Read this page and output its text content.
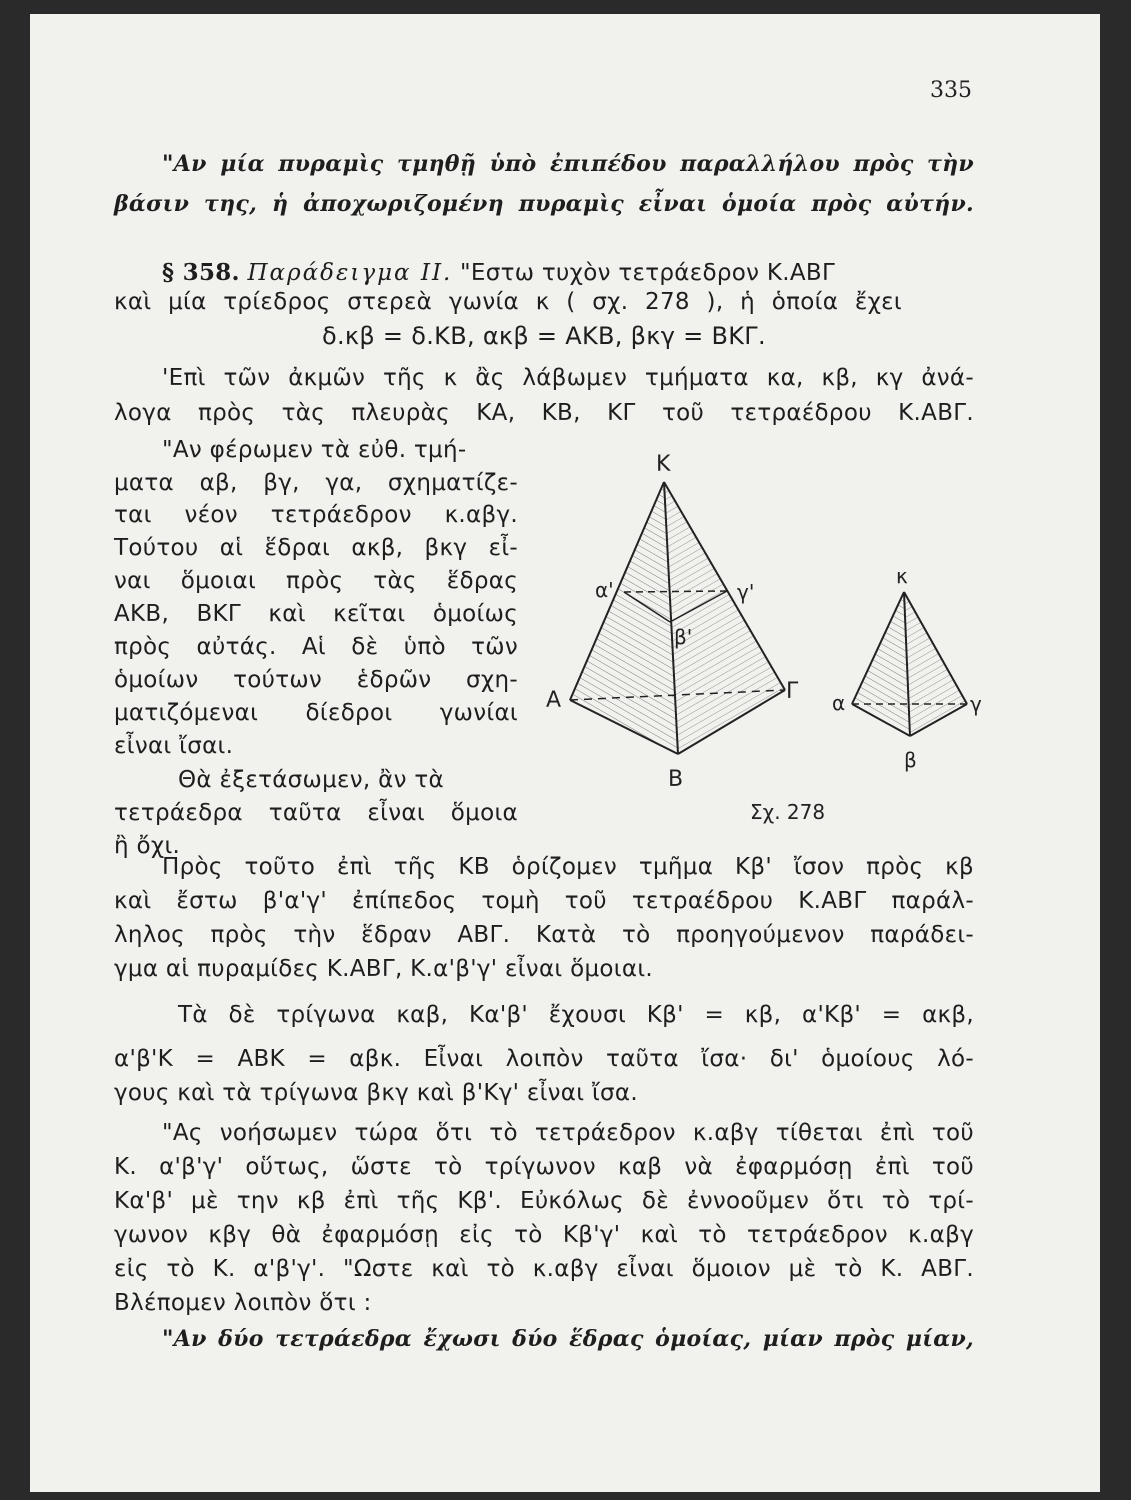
335
"Αν μία πυραμὶς τμηθῇ ὑπὸ ἐπιπέδου παραλλήλου πρὸς τὴν
βάσιν της, ἡ ἀποχωριζομένη πυραμὶς εἶναι ὁμοία πρὸς αὐτήν.
§ 358. Παράδειγμα ΙΙ. "Εστω τυχὸν τετράεδρον Κ.ΑΒΓ
καὶ μία τρίεδρος στερεὰ γωνία κ ( σχ. 278 ), ἡ ὁποία ἔχει
δ.κβ = δ.ΚΒ, ακβ = ΑΚΒ, βκγ = ΒΚΓ.
'Επὶ τῶν ἀκμῶν τῆς κ ἂς λάβωμεν τμήματα κα, κβ, κγ ἀνά-
λογα πρὸς τὰς πλευρὰς ΚΑ, ΚΒ, ΚΓ τοῦ τετραέδρου Κ.ΑΒΓ.
"Αν φέρωμεν τὰ εὐθ. τμή-
ματα αβ, βγ, γα, σχηματίζε-
ται νέον τετράεδρον κ.αβγ.
Τούτου αἱ ἕδραι ακβ, βκγ εἶ-
ναι ὅμοιαι πρὸς τὰς ἕδρας
ΑΚΒ, ΒΚΓ καὶ κεῖται ὁμοίως
πρὸς αὐτάς. Αἱ δὲ ὑπὸ τῶν
ὁμοίων τούτων ἑδρῶν σχη-
ματιζόμεναι δίεδροι γωνίαι
εἶναι ἴσαι.
Θὰ ἐξετάσωμεν, ἂν τὰ
τετράεδρα ταῦτα εἶναι ὅμοια
ἢ ὄχι.
Κ
Α
Β
Γ
α'
β'
γ'
κ
α
β
γ
Σχ. 278
Πρὸς τοῦτο ἐπὶ τῆς ΚΒ ὁρίζομεν τμῆμα Κβ' ἴσον πρὸς κβ
καὶ ἔστω β'α'γ' ἐπίπεδος τομὴ τοῦ τετραέδρου Κ.ΑΒΓ παράλ-
ληλος πρὸς τὴν ἕδραν ΑΒΓ. Κατὰ τὸ προηγούμενον παράδει-
γμα αἱ πυραμίδες Κ.ΑΒΓ, Κ.α'β'γ' εἶναι ὅμοιαι.
Τὰ δὲ τρίγωνα καβ, Κα'β' ἔχουσι Κβ' = κβ, α'Κβ' = ακβ,
α'β'Κ = ΑΒΚ = αβκ. Εἶναι λοιπὸν ταῦτα ἴσα· δι' ὁμοίους λό-
γους καὶ τὰ τρίγωνα βκγ καὶ β'Κγ' εἶναι ἴσα.
"Ας νοήσωμεν τώρα ὅτι τὸ τετράεδρον κ.αβγ τίθεται ἐπὶ τοῦ
Κ. α'β'γ' οὕτως, ὥστε τὸ τρίγωνον καβ νὰ ἐφαρμόσῃ ἐπὶ τοῦ
Κα'β' μὲ την κβ ἐπὶ τῆς Κβ'. Εὐκόλως δὲ ἐννοοῦμεν ὅτι τὸ τρί-
γωνον κβγ θὰ ἐφαρμόσῃ εἰς τὸ Κβ'γ' καὶ τὸ τετράεδρον κ.αβγ
εἰς τὸ Κ. α'β'γ'. "Ωστε καὶ τὸ κ.αβγ εἶναι ὅμοιον μὲ τὸ Κ. ΑΒΓ.
Βλέπομεν λοιπὸν ὅτι :
"Αν δύο τετράεδρα ἔχωσι δύο ἕδρας ὁμοίας, μίαν πρὸς μίαν,
